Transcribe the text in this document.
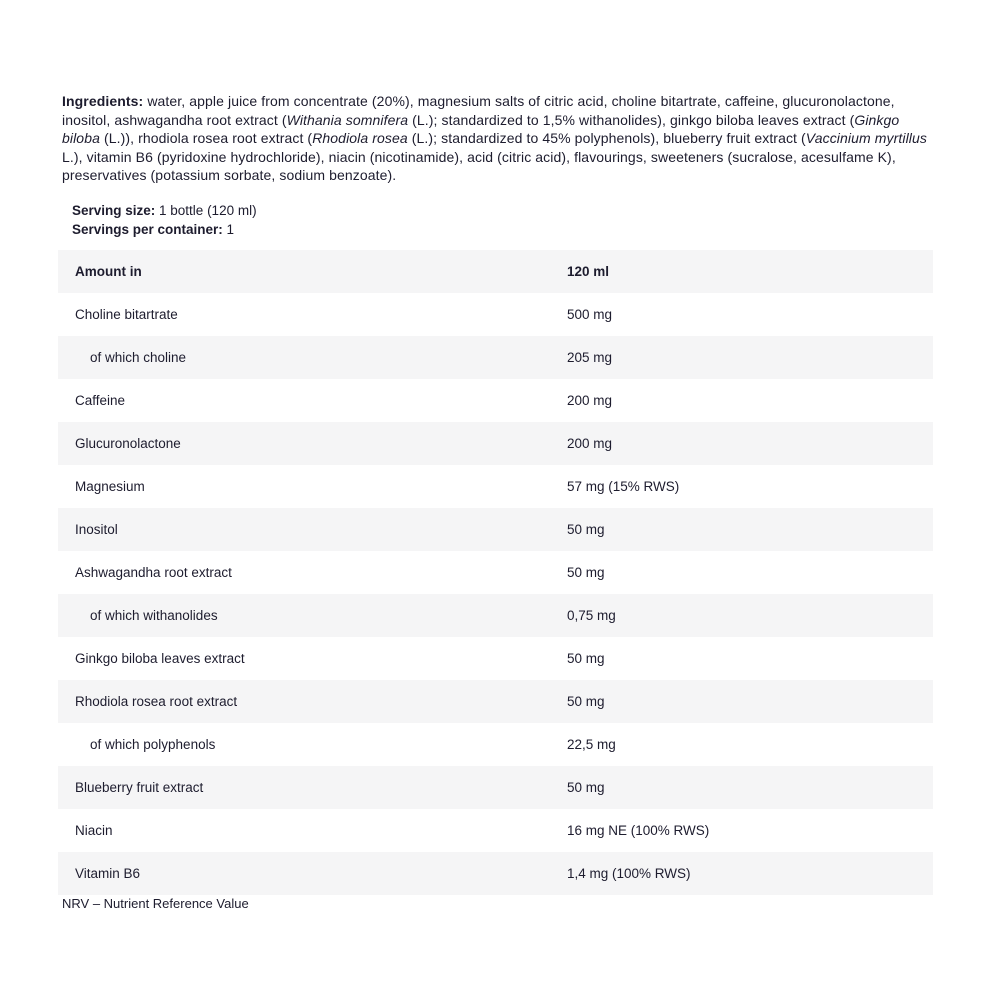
Ingredients: water, apple juice from concentrate (20%), magnesium salts of citric acid, choline bitartrate, caffeine, glucuronolactone, inositol, ashwagandha root extract (Withania somnifera (L.); standardized to 1,5% withanolides), ginkgo biloba leaves extract (Ginkgo biloba (L.)), rhodiola rosea root extract (Rhodiola rosea (L.); standardized to 45% polyphenols), blueberry fruit extract (Vaccinium myrtillus L.), vitamin B6 (pyridoxine hydrochloride), niacin (nicotinamide), acid (citric acid), flavourings, sweeteners (sucralose, acesulfame K), preservatives (potassium sorbate, sodium benzoate).

Serving size: 1 bottle (120 ml)
Servings per container: 1
Amount in	120 ml
Choline bitartrate	500 mg
of which choline	205 mg
Caffeine	200 mg
Glucuronolactone	200 mg
Magnesium	57 mg (15% RWS)
Inositol	50 mg
Ashwagandha root extract	50 mg
of which withanolides	0,75 mg
Ginkgo biloba leaves extract	50 mg
Rhodiola rosea root extract	50 mg
of which polyphenols	22,5 mg
Blueberry fruit extract	50 mg
Niacin	16 mg NE (100% RWS)
Vitamin B6	1,4 mg (100% RWS)
NRV – Nutrient Reference Value
